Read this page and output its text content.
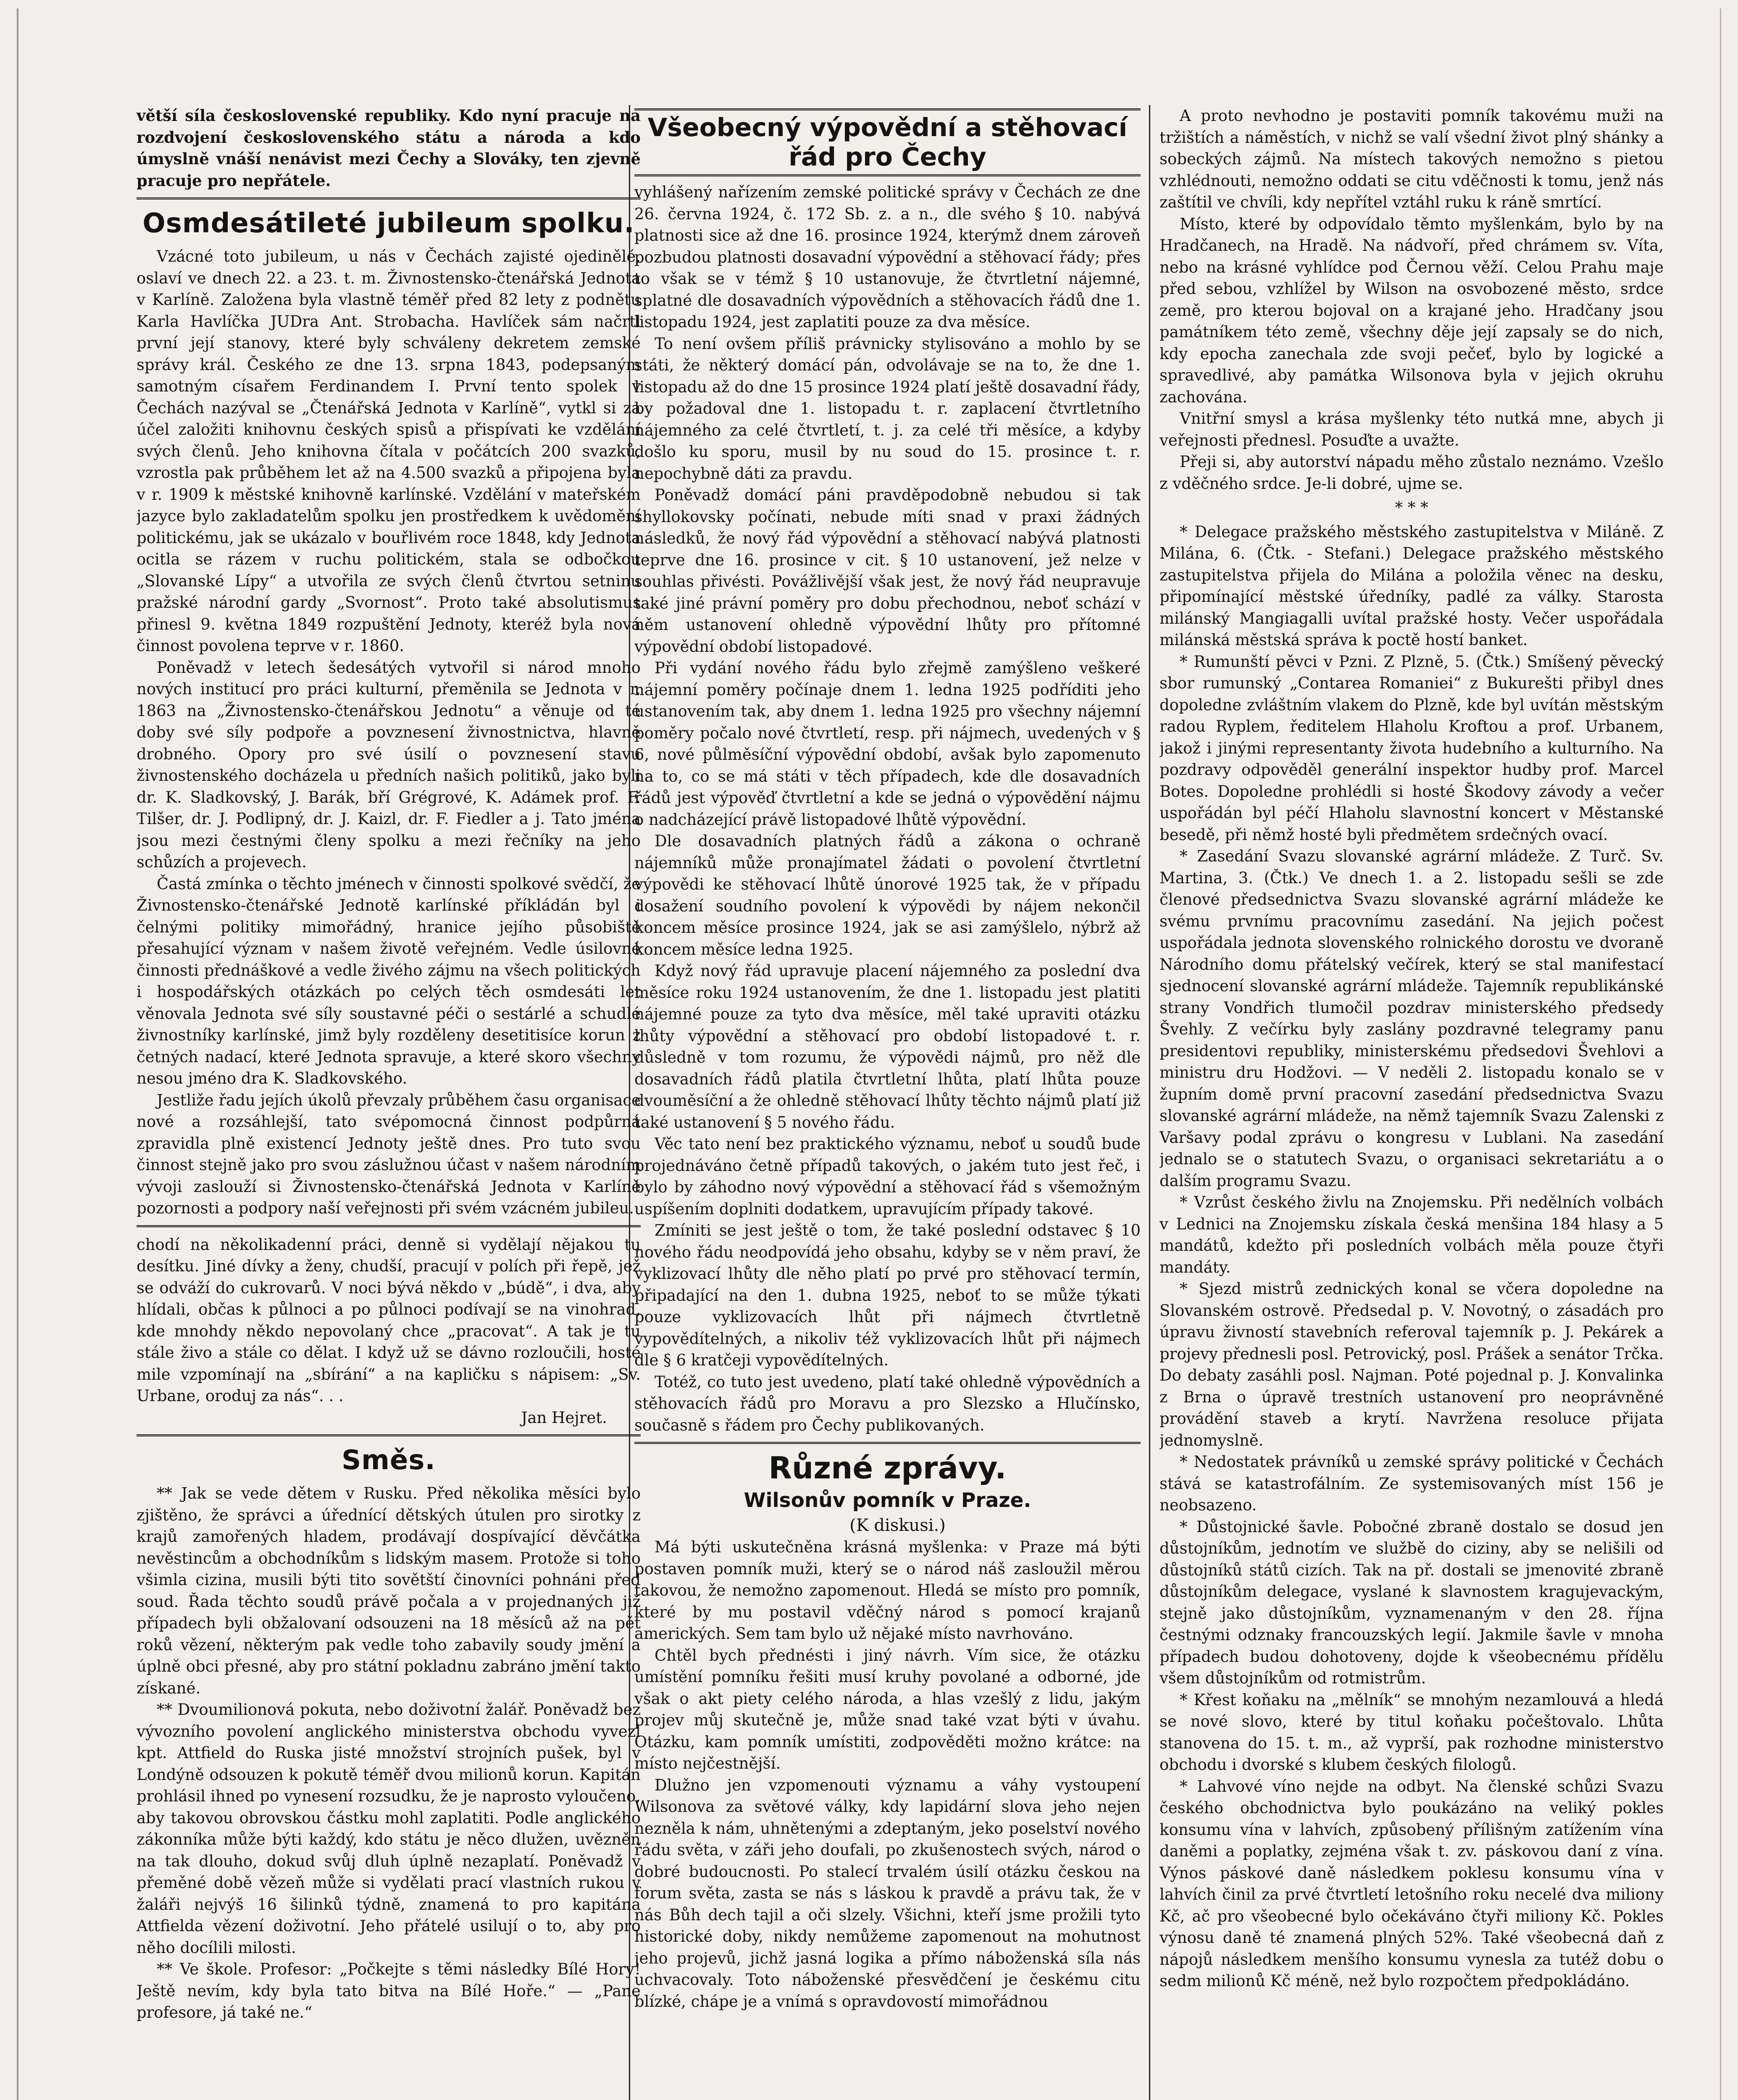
větší síla československé republiky. Kdo nyní pracuje na rozdvojení československého státu a národa a kdo úmyslně vnáší nenávist mezi Čechy a Slováky, ten zjevně pracuje pro nepřátele.

Osmdesátileté jubileum spolku.

Vzácné toto jubileum, u nás v Čechách zajisté ojedinělé, oslaví ve dnech 22. a 23. t. m. Živnostensko-čtenářská Jednota v Karlíně. Založena byla vlastně téměř před 82 lety z podnětu Karla Havlíčka JUDra Ant. Strobacha. Havlíček sám načrtl první její stanovy, které byly schváleny dekretem zemské správy král. Českého ze dne 13. srpna 1843, podepsaným samotným císařem Ferdinandem I. První tento spolek v Čechách nazýval se „Čtenářská Jednota v Karlíně“, vytkl si za účel založiti knihovnu českých spisů a přispívati ke vzdělání svých členů. Jeho knihovna čítala v počátcích 200 svazků, vzrostla pak průběhem let až na 4.500 svazků a připojena byla v r. 1909 k městské knihovně karlínské. Vzdělání v mateřském jazyce bylo zakladatelům spolku jen prostředkem k uvědomění politickému, jak se ukázalo v bouřlivém roce 1848, kdy Jednota ocitla se rázem v ruchu politickém, stala se odbočkou „Slovanské Lípy“ a utvořila ze svých členů čtvrtou setninu pražské národní gardy „Svornost“. Proto také absolutismus přinesl 9. května 1849 rozpuštění Jednoty, kteréž byla nová činnost povolena teprve v r. 1860.

Poněvadž v letech šedesátých vytvořil si národ mnoho nových institucí pro práci kulturní, přeměnila se Jednota v r. 1863 na „Živnostensko-čtenářskou Jednotu“ a věnuje od té doby své síly podpoře a povznesení živnostnictva, hlavně drobného. Opory pro své úsilí o povznesení stavu živnostenského docházela u předních našich politiků, jako byli dr. K. Sladkovský, J. Barák, bří Grégrové, K. Adámek prof. F. Tilšer, dr. J. Podlipný, dr. J. Kaizl, dr. F. Fiedler a j. Tato jména jsou mezi čestnými členy spolku a mezi řečníky na jeho schůzích a projevech.

Častá zmínka o těchto jménech v činnosti spolkové svědčí, že Živnostensko-čtenářské Jednotě karlínské příkládán byl i čelnými politiky mimořádný, hranice jejího působiště přesahující význam v našem životě veřejném. Vedle úsilovné činnosti přednáškové a vedle živého zájmu na všech politických i hospodářských otázkách po celých těch osmdesáti let věnovala Jednota své síly soustavné péči o sestárlé a schudlé živnostníky karlínské, jimž byly rozděleny desetitisíce korun z četných nadací, které Jednota spravuje, a které skoro všechny nesou jméno dra K. Sladkovského.

Jestliže řadu jejích úkolů převzaly průběhem času organisace nové a rozsáhlejší, tato svépomocná činnost podpůrná zpravidla plně existencí Jednoty ještě dnes. Pro tuto svou činnost stejně jako pro svou záslužnou účast v našem národním vývoji zaslouží si Živnostensko-čtenářská Jednota v Karlíně pozornosti a podpory naší veřejnosti při svém vzácném jubileu.

chodí na několikadenní práci, denně si vydělají nějakou tu desítku. Jiné dívky a ženy, chudší, pracují v polích při řepě, jež se odváží do cukrovarů. V noci bývá někdo v „búdě“, i dva, aby hlídali, občas k půlnoci a po půlnoci podívají se na vinohrad, kde mnohdy někdo nepovolaný chce „pracovat“. A tak je tu stále živo a stále co dělat. I když už se dávno rozloučili, hosté mile vzpomínají na „sbírání“ a na kapličku s nápisem: „Sv. Urbane, oroduj za nás“. . .

Jan Hejret.

Směs.

** Jak se vede dětem v Rusku. Před několika měsíci bylo zjištěno, že správci a úřednící dětských útulen pro sirotky z krajů zamořených hladem, prodávají dospívající děvčátka nevěstincům a obchodníkům s lidským masem. Protože si toho všimla cizina, musili býti tito sovětští činovníci pohnáni před soud. Řada těchto soudů právě počala a v projednaných již případech byli obžalovaní odsouzeni na 18 měsíců až na pět roků vězení, některým pak vedle toho zabavily soudy jmění a úplně obci přesné, aby pro státní pokladnu zabráno jmění takto získané.

** Dvoumilionová pokuta, nebo doživotní žalář. Poněvadž bez vývozního povolení anglického ministerstva obchodu vyvezl kpt. Attfield do Ruska jisté množství strojních pušek, byl v Londýně odsouzen k pokutě téměř dvou milionů korun. Kapitán prohlásil ihned po vynesení rozsudku, že je naprosto vyloučeno, aby takovou obrovskou částku mohl zaplatiti. Podle anglického zákonníka může býti každý, kdo státu je něco dlužen, uvězněn na tak dlouho, dokud svůj dluh úplně nezaplatí. Poněvadž v přeměné době vězeň může si vydělati prací vlastních rukou v žaláři nejvýš 16 šilinků týdně, znamená to pro kapitána Attfielda vězení doživotní. Jeho přátelé usilují o to, aby pro něho docílili milosti.

** Ve škole. Profesor: „Počkejte s těmi následky Bílé Hory! Ještě nevím, kdy byla tato bitva na Bílé Hoře.“ — „Pane profesore, já také ne.“

Všeobecný výpovědní a stěhovací řád pro Čechy

vyhlášený nařízením zemské politické správy v Čechách ze dne 26. června 1924, č. 172 Sb. z. a n., dle svého § 10. nabývá platnosti sice až dne 16. prosince 1924, kterýmž dnem zároveň pozbudou platnosti dosavadní výpovědní a stěhovací řády; přes to však se v témž § 10 ustanovuje, že čtvrtletní nájemné, splatné dle dosavadních výpovědních a stěhovacích řádů dne 1. listopadu 1924, jest zaplatiti pouze za dva měsíce.

To není ovšem příliš právnicky stylisováno a mohlo by se státi, že některý domácí pán, odvolávaje se na to, že dne 1. listopadu až do dne 15 prosince 1924 platí ještě dosavadní řády, by požadoval dne 1. listopadu t. r. zaplacení čtvrtletního nájemného za celé čtvrtletí, t. j. za celé tři měsíce, a kdyby došlo ku sporu, musil by nu soud do 15. prosince t. r. nepochybně dáti za pravdu.

Poněvadž domácí páni pravděpodobně nebudou si tak shyllokovsky počínati, nebude míti snad v praxi žádných následků, že nový řád výpovědní a stěhovací nabývá platnosti teprve dne 16. prosince v cit. § 10 ustanovení, jež nelze v souhlas přivésti. Povážlivější však jest, že nový řád neupravuje také jiné právní poměry pro dobu přechodnou, neboť schází v něm ustanovení ohledně výpovědní lhůty pro přítomné výpovědní období listopadové.

Při vydání nového řádu bylo zřejmě zamýšleno veškeré nájemní poměry počínaje dnem 1. ledna 1925 podříditi jeho ustanovením tak, aby dnem 1. ledna 1925 pro všechny nájemní poměry počalo nové čtvrtletí, resp. při nájmech, uvedených v § 6, nové půlměsíční výpovědní období, avšak bylo zapomenuto na to, co se má státi v těch případech, kde dle dosavadních řádů jest výpověď čtvrtletní a kde se jedná o výpovědění nájmu o nadcházející právě listopadové lhůtě výpovědní.

Dle dosavadních platných řádů a zákona o ochraně nájemníků může pronajímatel žádati o povolení čtvrtletní výpovědi ke stěhovací lhůtě únorové 1925 tak, že v případu dosažení soudního povolení k výpovědi by nájem nekončil koncem měsíce prosince 1924, jak se asi zamýšlelo, nýbrž až koncem měsíce ledna 1925.

Když nový řád upravuje placení nájemného za poslední dva měsíce roku 1924 ustanovením, že dne 1. listopadu jest platiti nájemné pouze za tyto dva měsíce, měl také upraviti otázku lhůty výpovědní a stěhovací pro období listopadové t. r. důsledně v tom rozumu, že výpovědi nájmů, pro něž dle dosavadních řádů platila čtvrtletní lhůta, platí lhůta pouze dvouměsíční a že ohledně stěhovací lhůty těchto nájmů platí již také ustanovení § 5 nového řádu.

Věc tato není bez praktického významu, neboť u soudů bude projednáváno četně případů takových, o jakém tuto jest řeč, i bylo by záhodno nový výpovědní a stěhovací řád s všemožným uspíšením doplniti dodatkem, upravujícím případy takové.

Zmíniti se jest ještě o tom, že také poslední odstavec § 10 nového řádu neodpovídá jeho obsahu, kdyby se v něm praví, že vyklizovací lhůty dle něho platí po prvé pro stěhovací termín, připadající na den 1. dubna 1925, neboť to se může týkati pouze vyklizovacích lhůt při nájmech čtvrtletně vypovědítelných, a nikoliv též vyklizovacích lhůt při nájmech dle § 6 kratčeji vypovědítelných.

Totéž, co tuto jest uvedeno, platí také ohledně výpovědních a stěhovacích řádů pro Moravu a pro Slezsko a Hlučínsko, současně s řádem pro Čechy publikovaných.

Různé zprávy.
Wilsonův pomník v Praze.

(K diskusi.)

Má býti uskutečněna krásná myšlenka: v Praze má býti postaven pomník muži, který se o národ náš zasloužil měrou takovou, že nemožno zapomenout. Hledá se místo pro pomník, které by mu postavil vděčný národ s pomocí krajanů amerických. Sem tam bylo už nějaké místo navrhováno.

Chtěl bych přednésti i jiný návrh. Vím sice, že otázku umístění pomníku řešiti musí kruhy povolané a odborné, jde však o akt piety celého národa, a hlas vzešlý z lidu, jakým projev můj skutečně je, může snad také vzat býti v úvahu. Otázku, kam pomník umístiti, zodpověděti možno krátce: na místo nejčestnější.

Dlužno jen vzpomenouti významu a váhy vystoupení Wilsonova za světové války, kdy lapidární slova jeho nejen nezněla k nám, uhnětenými a zdeptaným, jeko poselství nového řádu světa, v záři jeho doufali, po zkušenostech svých, národ o dobré budoucnosti. Po stalecí trvalém úsilí otázku českou na forum světa, zasta se nás s láskou k pravdě a právu tak, že v nás Bůh dech tajil a oči slzely. Všichni, kteří jsme prožili tyto historické doby, nikdy nemůžeme zapomenout na mohutnost jeho projevů, jichž jasná logika a přímo náboženská síla nás uchvacovaly. Toto náboženské přesvědčení je českému citu blízké, chápe je a vnímá s opravdovostí mimořádnou

A proto nevhodno je postaviti pomník takovému muži na tržištích a náměstích, v nichž se valí všední život plný shánky a sobeckých zájmů. Na místech takových nemožno s pietou vzhlédnouti, nemožno oddati se citu vděčnosti k tomu, jenž nás zaštítil ve chvíli, kdy nepřítel vztáhl ruku k ráně smrtící.

Místo, které by odpovídalo těmto myšlenkám, bylo by na Hradčanech, na Hradě. Na nádvoří, před chrámem sv. Víta, nebo na krásné vyhlídce pod Černou věží. Celou Prahu maje před sebou, vzhlížel by Wilson na osvobozené město, srdce země, pro kterou bojoval on a krajané jeho. Hradčany jsou památníkem této země, všechny děje její zapsaly se do nich, kdy epocha zanechala zde svoji pečeť, bylo by logické a spravedlivé, aby památka Wilsonova byla v jejich okruhu zachována.

Vnitřní smysl a krása myšlenky této nutká mne, abych ji veřejnosti přednesl. Posuďte a uvažte.

Přeji si, aby autorství nápadu měho zůstalo neznámo. Vzešlo z vděčného srdce. Je-li dobré, ujme se.

* * *

* Delegace pražského městského zastupitelstva v Miláně. Z Milána, 6. (Čtk. - Stefani.) Delegace pražského městského zastupitelstva přijela do Milána a položila věnec na desku, připomínající městské úředníky, padlé za války. Starosta milánský Mangiagalli uvítal pražské hosty. Večer uspořádala milánská městská správa k poctě hostí banket.

* Rumunští pěvci v Pzni. Z Plzně, 5. (Čtk.) Smíšený pěvecký sbor rumunský „Contarea Romaniei“ z Bukurešti přibyl dnes dopoledne zvláštním vlakem do Plzně, kde byl uvítán městským radou Ryplem, ředitelem Hlaholu Kroftou a prof. Urbanem, jakož i jinými representanty života hudebního a kulturního. Na pozdravy odpověděl generální inspektor hudby prof. Marcel Botes. Dopoledne prohlédli si hosté Škodovy závody a večer uspořádán byl péčí Hlaholu slavnostní koncert v Městanské besedě, při němž hosté byli předmětem srdečných ovací.

* Zasedání Svazu slovanské agrární mládeže. Z Turč. Sv. Martina, 3. (Čtk.) Ve dnech 1. a 2. listopadu sešli se zde členové předsednictva Svazu slovanské agrární mládeže ke svému prvnímu pracovnímu zasedání. Na jejich počest uspořádala jednota slovenského rolnického dorostu ve dvoraně Národního domu přátelský večírek, který se stal manifestací sjednocení slovanské agrární mládeže. Tajemník republikánské strany Vondřich tlumočil pozdrav ministerského předsedy Švehly. Z večírku byly zaslány pozdravné telegramy panu presidentovi republiky, ministerskému předsedovi Švehlovi a ministru dru Hodžovi. — V neděli 2. listopadu konalo se v župním domě první pracovní zasedání předsednictva Svazu slovanské agrární mládeže, na němž tajemník Svazu Zalenski z Varšavy podal zprávu o kongresu v Lublani. Na zasedání jednalo se o statutech Svazu, o organisaci sekretariátu a o dalším programu Svazu.

* Vzrůst českého živlu na Znojemsku. Při nedělních volbách v Lednici na Znojemsku získala česká menšina 184 hlasy a 5 mandátů, kdežto při posledních volbách měla pouze čtyři mandáty.

* Sjezd mistrů zednických konal se včera dopoledne na Slovanském ostrově. Předsedal p. V. Novotný, o zásadách pro úpravu živností stavebních referoval tajemník p. J. Pekárek a projevy přednesli posl. Petrovický, posl. Prášek a senátor Trčka. Do debaty zasáhli posl. Najman. Poté pojednal p. J. Konvalinka z Brna o úpravě trestních ustanovení pro neoprávněné provádění staveb a krytí. Navržena resoluce přijata jednomyslně.

* Nedostatek právníků u zemské správy politické v Čechách stává se katastrofálním. Ze systemisovaných míst 156 je neobsazeno.

* Důstojnické šavle. Pobočné zbraně dostalo se dosud jen důstojníkům, jednotím ve službě do ciziny, aby se nelišili od důstojníků států cizích. Tak na př. dostali se jmenovité zbraně důstojníkům delegace, vyslané k slavnostem kragujevackým, stejně jako důstojníkům, vyznamenaným v den 28. října čestnými odznaky francouzských legií. Jakmile šavle v mnoha případech budou dohotoveny, dojde k všeobecnému přídělu všem důstojníkům od rotmistrům.

* Křest koňaku na „mělník“ se mnohým nezamlouvá a hledá se nové slovo, které by titul koňaku počeštovalo. Lhůta stanovena do 15. t. m., až vyprší, pak rozhodne ministerstvo obchodu i dvorské s klubem českých filologů.

* Lahvové víno nejde na odbyt. Na členské schůzi Svazu českého obchodnictva bylo poukázáno na veliký pokles konsumu vína v lahvích, způsobený přílišným zatížením vína daněmi a poplatky, zejména však t. zv. páskovou daní z vína. Výnos páskové daně následkem poklesu konsumu vína v lahvích činil za prvé čtvrtletí letošního roku necelé dva miliony Kč, ač pro všeobecné bylo očekáváno čtyři miliony Kč. Pokles výnosu daně té znamená plných 52%. Také všeobecná daň z nápojů následkem menšího konsumu vynesla za tutéž dobu o sedm milionů Kč méně, než bylo rozpočtem předpokládáno.
